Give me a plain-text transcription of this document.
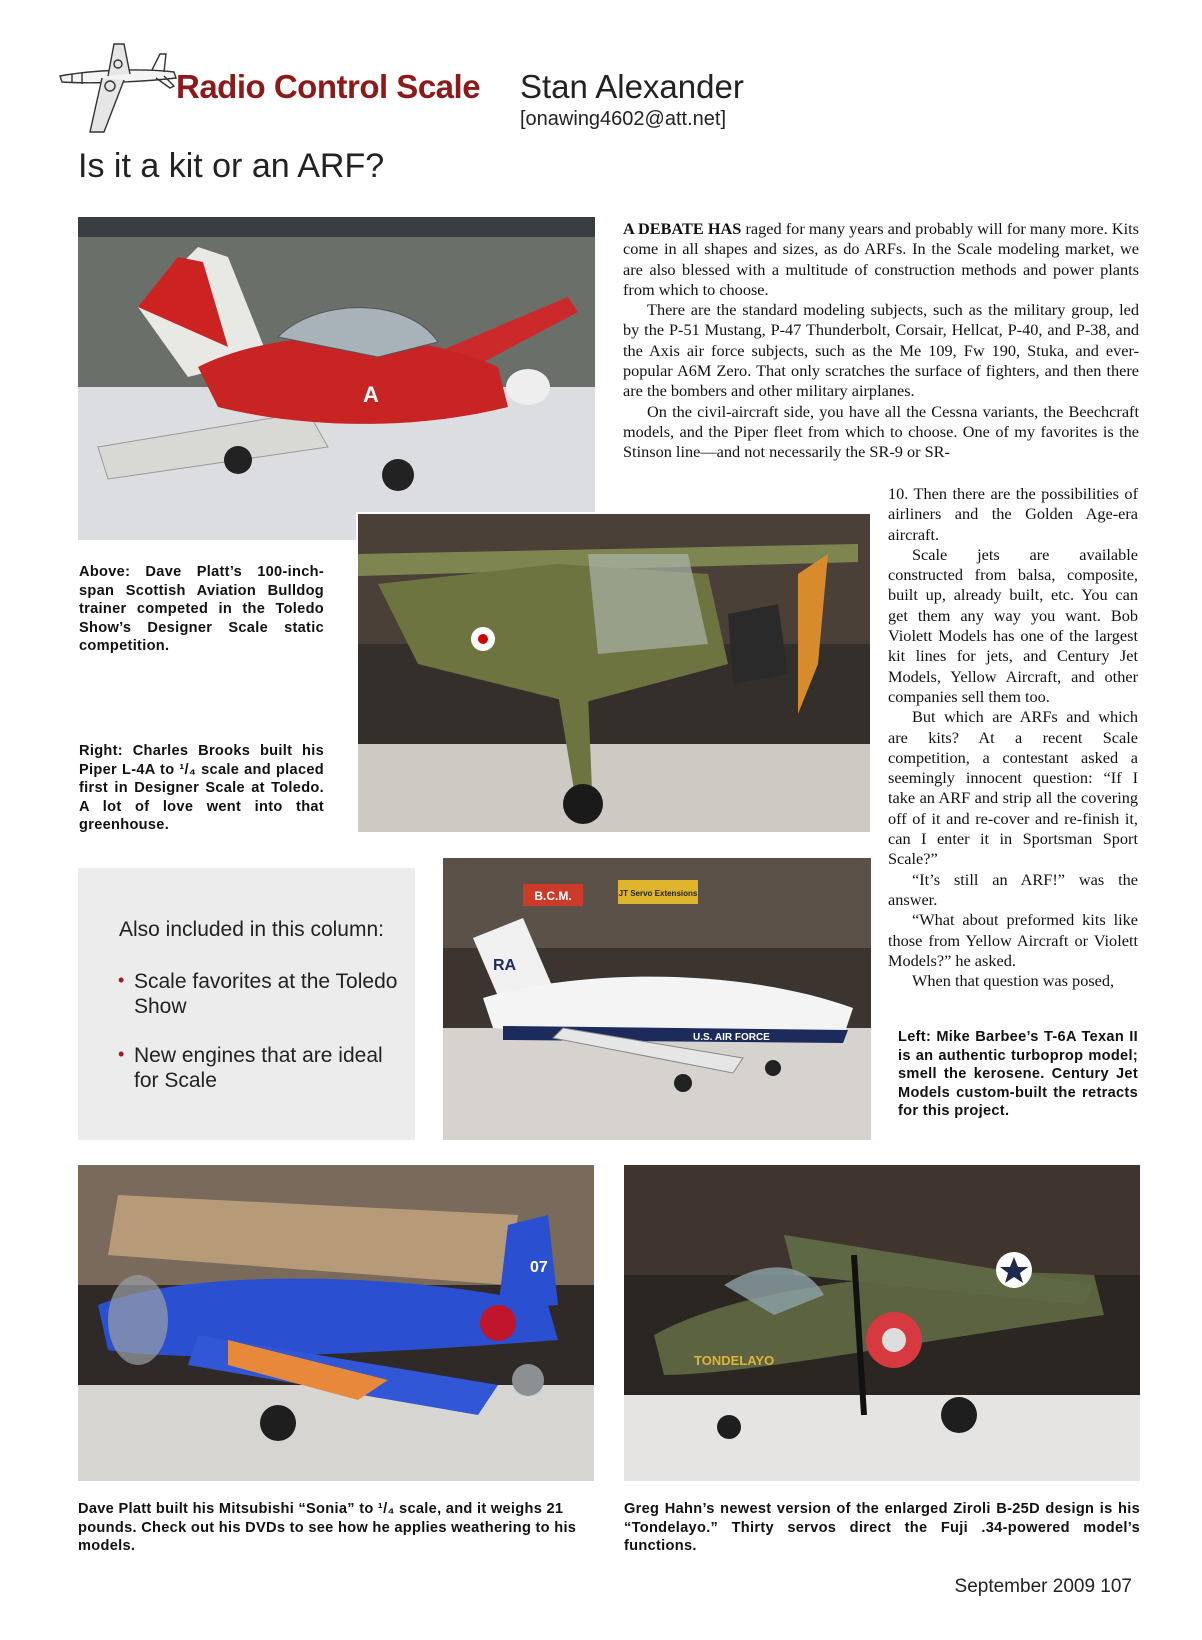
Radio Control Scale Stan Alexander
[onawing4602@att.net]
Is it a kit or an ARF?
A
B.C.M.	JT Servo Extensions
RA
U.S. AIR FORCE
07
TONDELAYO
Above: Dave Platt’s 100-inch-span Scottish Aviation Bulldog trainer competed in the Toledo Show’s Designer Scale static competition.
Right: Charles Brooks built his Piper L-4A to ¹/₄ scale and placed first in Designer Scale at Toledo. A lot of love went into that greenhouse.
Left: Mike Barbee’s T-6A Texan II is an authentic turboprop model; smell the kerosene. Century Jet Models custom-built the retracts for this project.
Dave Platt built his Mitsubishi “Sonia” to ¹/₄ scale, and it weighs 21 pounds. Check out his DVDs to see how he applies weathering to his models.
Greg Hahn’s newest version of the enlarged Ziroli B-25D design is his “Tondelayo.” Thirty servos direct the Fuji .34-powered model’s functions.
Also included in this column:
• Scale favorites at the Toledo Show
• New engines that are ideal for Scale

A DEBATE HAS raged for many years and probably will for many more. Kits come in all shapes and sizes, as do ARFs. In the Scale modeling market, we are also blessed with a multitude of construction methods and power plants from which to choose.

There are the standard modeling subjects, such as the military group, led by the P-51 Mustang, P-47 Thunderbolt, Corsair, Hellcat, P-40, and P-38, and the Axis air force subjects, such as the Me 109, Fw 190, Stuka, and ever-popular A6M Zero. That only scratches the surface of fighters, and then there are the bombers and other military airplanes.

On the civil-aircraft side, you have all the Cessna variants, the Beechcraft models, and the Piper fleet from which to choose. One of my favorites is the Stinson line—and not necessarily the SR-9 or SR-

10. Then there are the possibilities of airliners and the Golden Age-era aircraft.

Scale jets are available constructed from balsa, composite, built up, already built, etc. You can get them any way you want. Bob Violett Models has one of the largest kit lines for jets, and Century Jet Models, Yellow Aircraft, and other companies sell them too.

But which are ARFs and which are kits? At a recent Scale competition, a contestant asked a seemingly innocent question: “If I take an ARF and strip all the covering off of it and re-cover and re-finish it, can I enter it in Sportsman Sport Scale?”

“It’s still an ARF!” was the answer.

“What about preformed kits like those from Yellow Aircraft or Violett Models?” he asked.

When that question was posed,

September 2009 107
